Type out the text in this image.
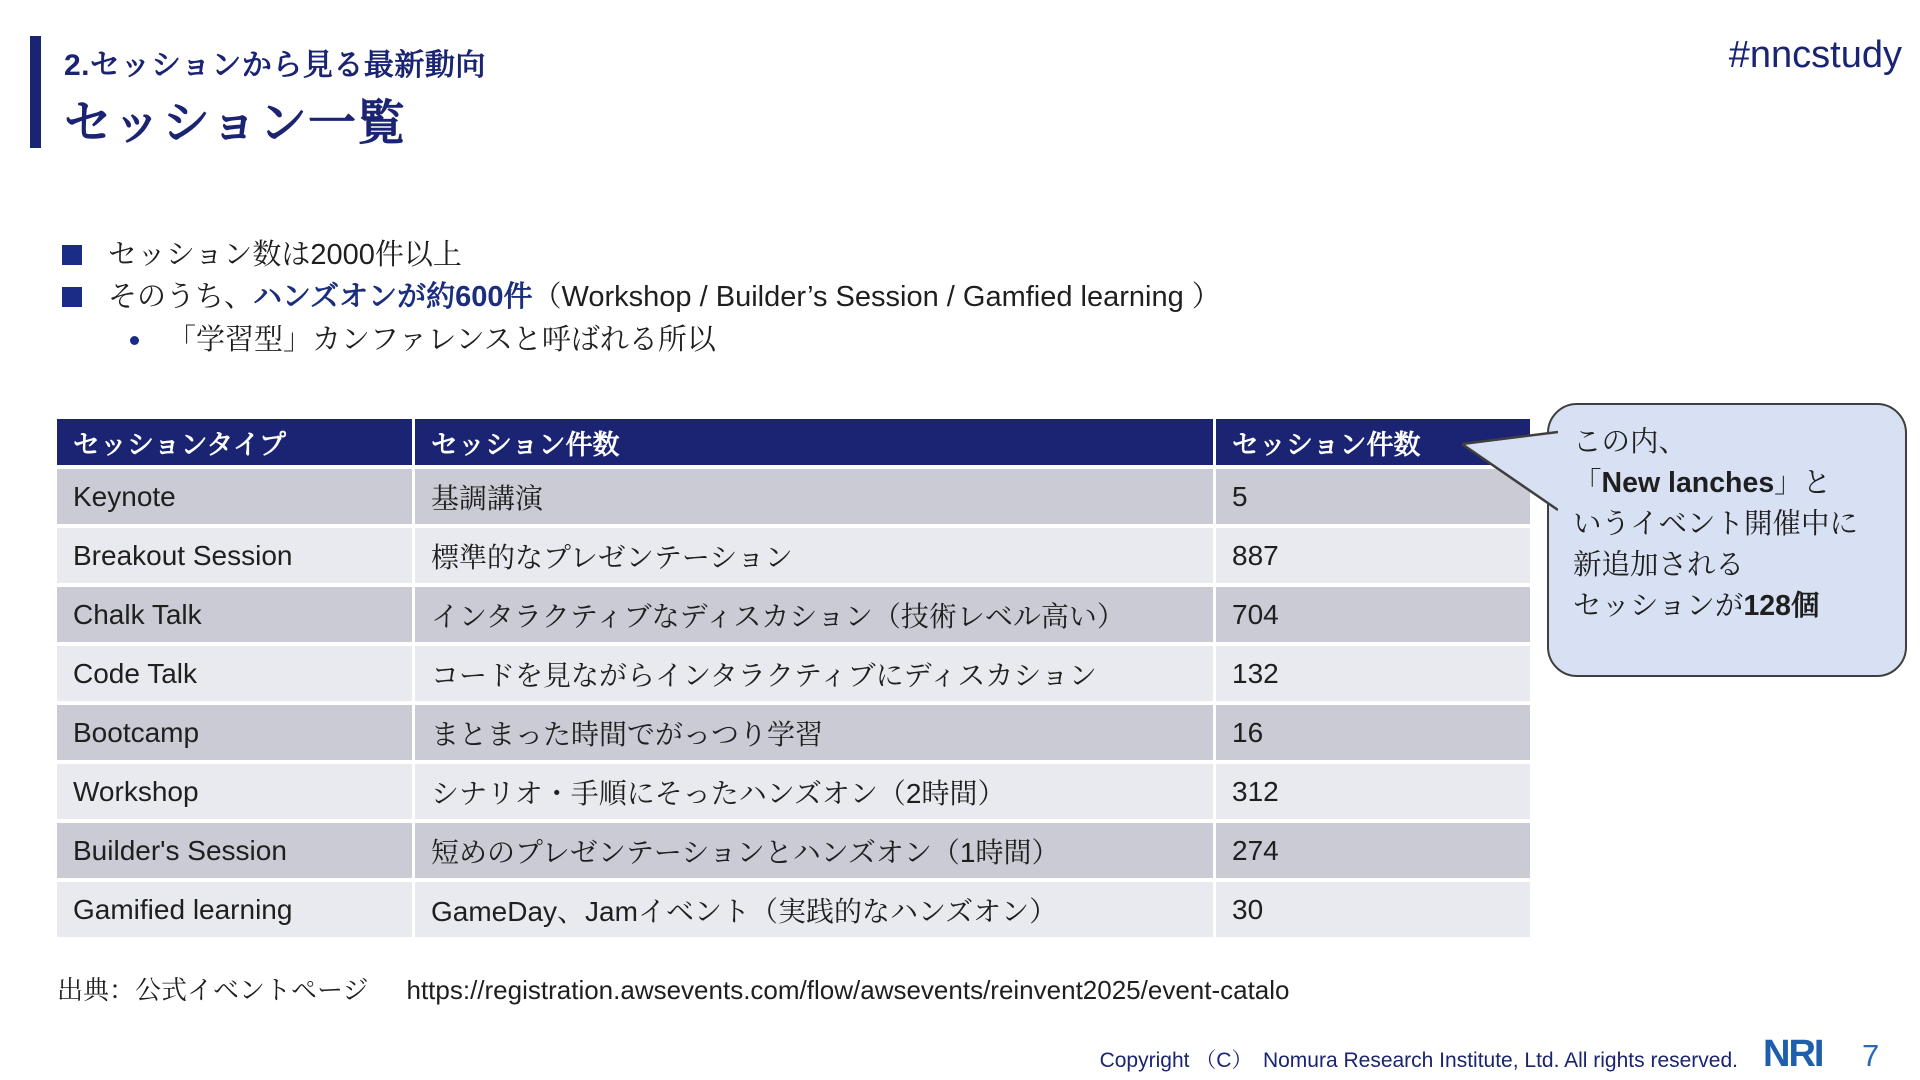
2.セッションから見る最新動向
セッション一覧
#nncstudy
セッション数は2000件以上
そのうち、ハンズオンが約600件（Workshop / Builder’s Session / Gamfied learning ）
「学習型」カンファレンスと呼ばれる所以
セッションタイプ	セッション件数	セッション件数
Keynote	基調講演	5
Breakout Session	標準的なプレゼンテーション	887
Chalk Talk	インタラクティブなディスカション（技術レベル高い）	704
Code Talk	コードを見ながらインタラクティブにディスカション	132
Bootcamp	まとまった時間でがっつり学習	16
Workshop	シナリオ・手順にそったハンズオン（2時間）	312
Builder's Session	短めのプレゼンテーションとハンズオン（1時間）	274
Gamified learning	GameDay、Jamイベント（実践的なハンズオン）	30
この内、
「New lanches」と
いうイベント開催中に
新追加される
セッションが128個
出典：公式イベントページ https://registration.awsevents.com/flow/awsevents/reinvent2025/event-catalo
Copyright （C）　Nomura Research Institute, Ltd. All rights reserved. NRI 7
